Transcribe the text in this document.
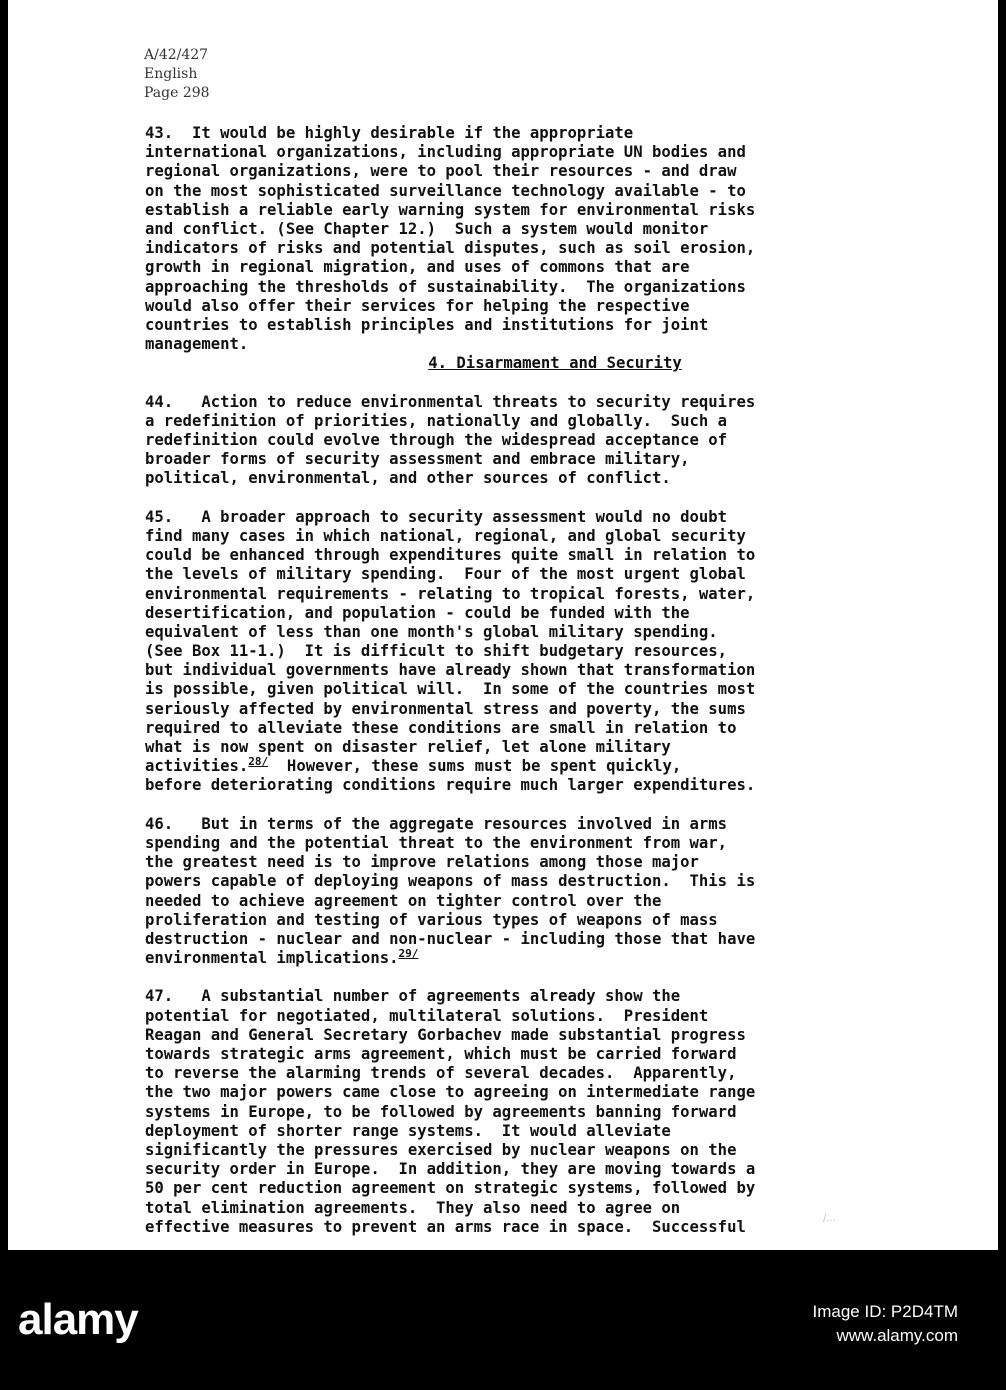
A/42/427
English
Page 298
43.  It would be highly desirable if the appropriate
international organizations, including appropriate UN bodies and
regional organizations, were to pool their resources - and draw
on the most sophisticated surveillance technology available - to
establish a reliable early warning system for environmental risks
and conflict. (See Chapter 12.)  Such a system would monitor
indicators of risks and potential disputes, such as soil erosion,
growth in regional migration, and uses of commons that are
approaching the thresholds of sustainability.  The organizations
would also offer their services for helping the respective
countries to establish principles and institutions for joint
management.
4. Disarmament and Security
44.   Action to reduce environmental threats to security requires
a redefinition of priorities, nationally and globally.  Such a
redefinition could evolve through the widespread acceptance of
broader forms of security assessment and embrace military,
political, environmental, and other sources of conflict.
45.   A broader approach to security assessment would no doubt
find many cases in which national, regional, and global security
could be enhanced through expenditures quite small in relation to
the levels of military spending.  Four of the most urgent global
environmental requirements - relating to tropical forests, water,
desertification, and population - could be funded with the
equivalent of less than one month's global military spending.
(See Box 11-1.)  It is difficult to shift budgetary resources,
but individual governments have already shown that transformation
is possible, given political will.  In some of the countries most
seriously affected by environmental stress and poverty, the sums
required to alleviate these conditions are small in relation to
what is now spent on disaster relief, let alone military
activities.$^{28/}$  However, these sums must be spent quickly,
before deteriorating conditions require much larger expenditures.
46.   But in terms of the aggregate resources involved in arms
spending and the potential threat to the environment from war,
the greatest need is to improve relations among those major
powers capable of deploying weapons of mass destruction.  This is
needed to achieve agreement on tighter control over the
proliferation and testing of various types of weapons of mass
destruction - nuclear and non-nuclear - including those that have
environmental implications.$^{29/}$
47.   A substantial number of agreements already show the
potential for negotiated, multilateral solutions.  President
Reagan and General Secretary Gorbachev made substantial progress
towards strategic arms agreement, which must be carried forward
to reverse the alarming trends of several decades.  Apparently,
the two major powers came close to agreeing on intermediate range
systems in Europe, to be followed by agreements banning forward
deployment of shorter range systems.  It would alleviate
significantly the pressures exercised by nuclear weapons on the
security order in Europe.  In addition, they are moving towards a
50 per cent reduction agreement on strategic systems, followed by
total elimination agreements.  They also need to agree on
effective measures to prevent an arms race in space.  Successful	/...
alamy	Image ID: P2D4TM
www.alamy.com
